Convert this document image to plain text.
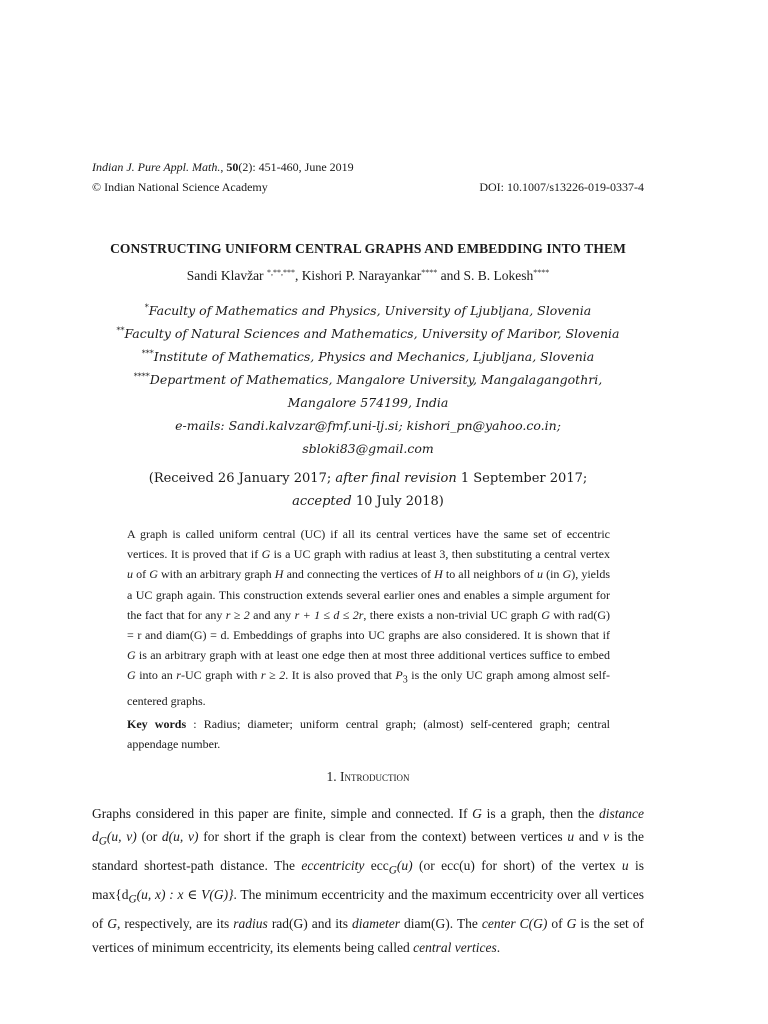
Indian J. Pure Appl. Math., 50(2): 451-460, June 2019
© Indian National Science Academy	DOI: 10.1007/s13226-019-0337-4
CONSTRUCTING UNIFORM CENTRAL GRAPHS AND EMBEDDING INTO THEM
Sandi Klavžar *,**,***, Kishori P. Narayankar**** and S. B. Lokesh****
*Faculty of Mathematics and Physics, University of Ljubljana, Slovenia
**Faculty of Natural Sciences and Mathematics, University of Maribor, Slovenia
***Institute of Mathematics, Physics and Mechanics, Ljubljana, Slovenia
****Department of Mathematics, Mangalore University, Mangalagangothri,
Mangalore 574199, India
e-mails: Sandi.kalvzar@fmf.uni-lj.si; kishori_pn@yahoo.co.in;
sbloki83@gmail.com
(Received 26 January 2017; after final revision 1 September 2017;
accepted 10 July 2018)
A graph is called uniform central (UC) if all its central vertices have the same set of eccentric vertices. It is proved that if G is a UC graph with radius at least 3, then substituting a central vertex u of G with an arbitrary graph H and connecting the vertices of H to all neighbors of u (in G), yields a UC graph again. This construction extends several earlier ones and enables a simple argument for the fact that for any r ≥ 2 and any r + 1 ≤ d ≤ 2r, there exists a non-trivial UC graph G with rad(G) = r and diam(G) = d. Embeddings of graphs into UC graphs are also considered. It is shown that if G is an arbitrary graph with at least one edge then at most three additional vertices suffice to embed G into an r-UC graph with r ≥ 2. It is also proved that $P_3$ is the only UC graph among almost self-centered graphs.
Key words : Radius; diameter; uniform central graph; (almost) self-centered graph; central appendage number.
1. Introduction
Graphs considered in this paper are finite, simple and connected. If G is a graph, then the distance $d_G(u$, v) (or d(u, v) for short if the graph is clear from the context) between vertices u and v is the standard shortest-path distance. The eccentricity ecc$_G$(u) (or ecc(u) for short) of the vertex u is $\max\{d_G(u$, x) : x ∈ V(G)}. The minimum eccentricity and the maximum eccentricity over all vertices of G, respectively, are its radius rad(G) and its diameter diam(G). The center C(G) of G is the set of vertices of minimum eccentricity, its elements being called central vertices.
